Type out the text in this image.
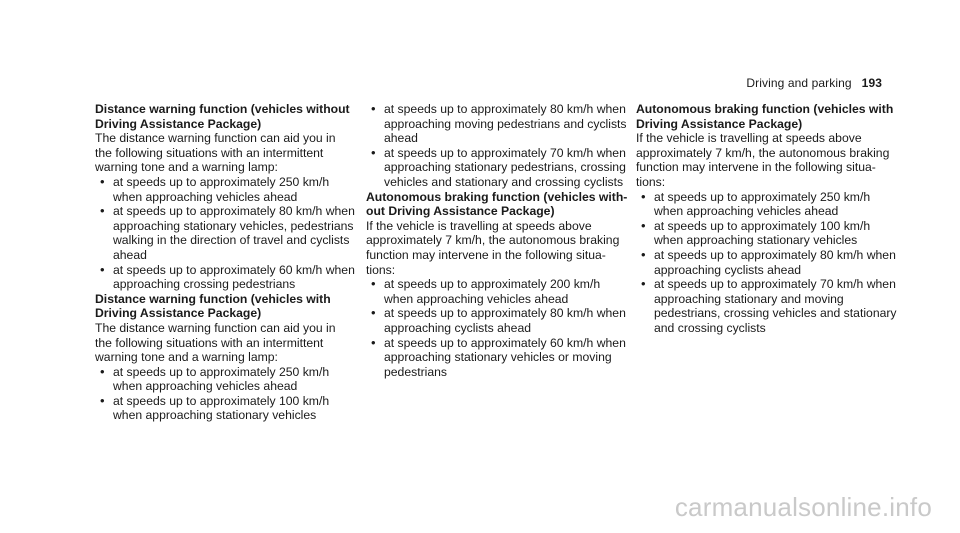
Driving and parking 193
Distance warning function (vehicles without Driving Assistance Package)

The distance warning function can aid you in the following situations with an intermittent warning tone and a warning lamp:

• at speeds up to approximately 250 km/h when approaching vehicles ahead
• at speeds up to approximately 80 km/h when approaching stationary vehicles, pedestrians walking in the direction of travel and cyclists ahead
• at speeds up to approximately 60 km/h when approaching crossing pedestrians
Distance warning function (vehicles with Driving Assistance Package)

The distance warning function can aid you in the following situations with an intermittent warning tone and a warning lamp:

• at speeds up to approximately 250 km/h when approaching vehicles ahead
• at speeds up to approximately 100 km/h when approaching stationary vehicles
• at speeds up to approximately 80 km/h when approaching moving pedestrians and cyclists ahead
• at speeds up to approximately 70 km/h when approaching stationary pedestrians, crossing vehicles and stationary and crossing cyclists
Autonomous braking function (vehicles with-out Driving Assistance Package)

If the vehicle is travelling at speeds above approximately 7 km/h, the autonomous braking function may intervene in the following situa-tions:

• at speeds up to approximately 200 km/h when approaching vehicles ahead
• at speeds up to approximately 80 km/h when approaching cyclists ahead
• at speeds up to approximately 60 km/h when approaching stationary vehicles or moving pedestrians
Autonomous braking function (vehicles with Driving Assistance Package)

If the vehicle is travelling at speeds above approximately 7 km/h, the autonomous braking function may intervene in the following situa-tions:

• at speeds up to approximately 250 km/h when approaching vehicles ahead
• at speeds up to approximately 100 km/h when approaching stationary vehicles
• at speeds up to approximately 80 km/h when approaching cyclists ahead
• at speeds up to approximately 70 km/h when approaching stationary and moving pedestrians, crossing vehicles and stationary and crossing cyclists
carmanualsonline.info
